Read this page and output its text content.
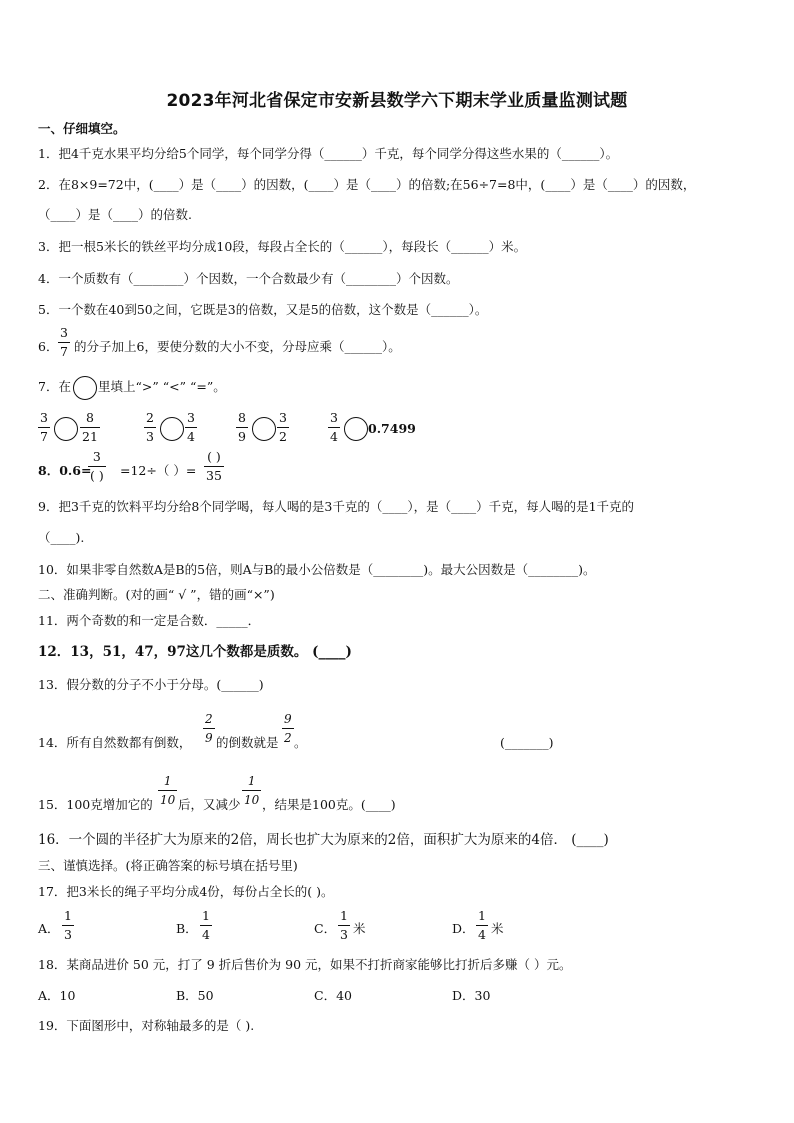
2023年河北省保定市安新县数学六下期末学业质量监测试题
一、仔细填空。
1．把4千克水果平均分给5个同学，每个同学分得（______）千克，每个同学分得这些水果的（______）。
2．在8×9=72中，(____）是（____）的因数，(____）是（____）的倍数;在56÷7=8中，(____）是（____）的因数，
（____）是（____）的倍数.
3．把一根5米长的铁丝平均分成10段，每段占全长的（______），每段长（______）米。
4．一个质数有（________）个因数，一个合数最少有（________）个因数。
5．一个数在40到50之间，它既是3的倍数，又是5的倍数，这个数是（______）。
6．
3
7 的分子加上6，要使分数的大小不变，分母应乘（______）。
7．在 里填上“>” “<” “=”。
3
7
8
21
2
3
3
4
8
9
3
2
3
4
0.7499
8．0.6=
3
( ) =12÷（ ）=
( )
35
9．把3千克的饮料平均分给8个同学喝，每人喝的是3千克的（____），是（____）千克，每人喝的是1千克的
（____).
10．如果非零自然数A是B的5倍，则A与B的最小公倍数是（________)。最大公因数是（________)。
二、准确判断。(对的画“ √ ”，错的画“×”)
11．两个奇数的和一定是合数．_____．
12．13，51，47，97这几个数都是质数。 (____)
13．假分数的分子不小于分母。(______)
14．所有自然数都有倒数，
2
9 的倒数就是
9
2 。	(_______)
15．100克增加它的
1
10 后，又减少
1
10 ，结果是100克。(____)
16．一个圆的半径扩大为原来的2倍，周长也扩大为原来的2倍，面积扩大为原来的4倍． (____)
三、谨慎选择。(将正确答案的标号填在括号里)
17．把3米长的绳子平均分成4份，每份占全长的( )。
A．
1
3	B．
1
4	C．
1
3 米	D．
1
4 米
18．某商品进价 50 元，打了 9 折后售价为 90 元，如果不打折商家能够比打折后多赚（ ）元。
A．10	B．50	C．40	D．30
19．下面图形中，对称轴最多的是（ ).
